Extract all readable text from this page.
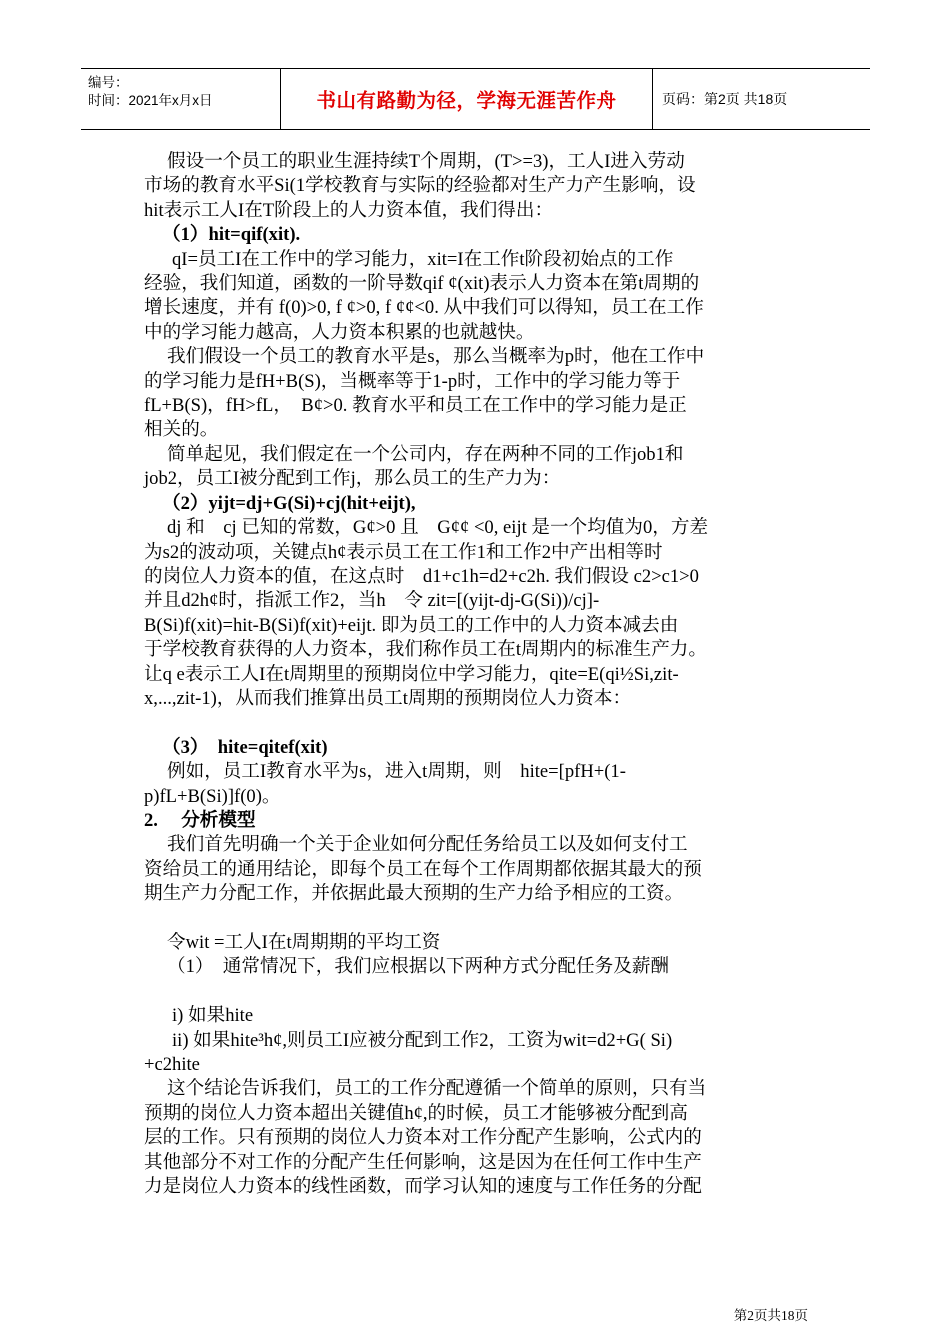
编号：
时间：2021年x月x日	书山有路勤为径，学海无涯苦作舟	页码：第2页 共18页

假设一个员工的职业生涯持续T个周期，(T>=3)，工人I进入劳动

市场的教育水平Si(1学校教育与实际的经验都对生产力产生影响，设

hit表示工人I在T阶段上的人力资本值，我们得出：

（1）hit=qif(xit).

qI=员工I在工作中的学习能力，xit=I在工作t阶段初始点的工作

经验，我们知道，函数的一阶导数qif ¢(xit)表示人力资本在第t周期的

增长速度，并有 f(0)>0, f ¢>0, f ¢¢<0. 从中我们可以得知，员工在工作

中的学习能力越高，人力资本积累的也就越快。

我们假设一个员工的教育水平是s，那么当概率为p时，他在工作中

的学习能力是fH+B(S)，当概率等于1-p时，工作中的学习能力等于

fL+B(S)，fH>fL，　B¢>0. 教育水平和员工在工作中的学习能力是正

相关的。

简单起见，我们假定在一个公司内，存在两种不同的工作job1和

job2，员工I被分配到工作j，那么员工的生产力为：

（2）yijt=dj+G(Si)+cj(hit+eijt),

dj 和　cj 已知的常数，G¢>0 且　G¢¢ <0, eijt 是一个均值为0，方差

为s2的波动项，关键点h¢表示员工在工作1和工作2中产出相等时

的岗位人力资本的值，在这点时　d1+c1h=d2+c2h. 我们假设 c2>c1>0

并且d2h¢时，指派工作2，当h　令 zit=[(yijt-dj-G(Si))/cj]-

B(Si)f(xit)=hit-B(Si)f(xit)+eijt. 即为员工的工作中的人力资本减去由

于学校教育获得的人力资本，我们称作员工在t周期内的标准生产力。

让q e表示工人I在t周期里的预期岗位中学习能力，qite=E(qi½Si,zit-

x,...,zit-1)，从而我们推算出员工t周期的预期岗位人力资本：

（3）　hite=qitef(xit)

例如，员工I教育水平为s，进入t周期，则　hite=[pfH+(1-

p)fL+B(Si)]f(0)。

2.　 分析模型

我们首先明确一个关于企业如何分配任务给员工以及如何支付工

资给员工的通用结论，即每个员工在每个工作周期都依据其最大的预

期生产力分配工作，并依据此最大预期的生产力给予相应的工资。

令wit =工人I在t周期期的平均工资

（1）　通常情况下，我们应根据以下两种方式分配任务及薪酬

i) 如果hite

ii) 如果hite³h¢,则员工I应被分配到工作2，工资为wit=d2+G( Si)

+c2hite

这个结论告诉我们，员工的工作分配遵循一个简单的原则，只有当

预期的岗位人力资本超出关键值h¢,的时候，员工才能够被分配到高

层的工作。只有预期的岗位人力资本对工作分配产生影响，公式内的

其他部分不对工作的分配产生任何影响，这是因为在任何工作中生产

力是岗位人力资本的线性函数，而学习认知的速度与工作任务的分配

第2页共18页
